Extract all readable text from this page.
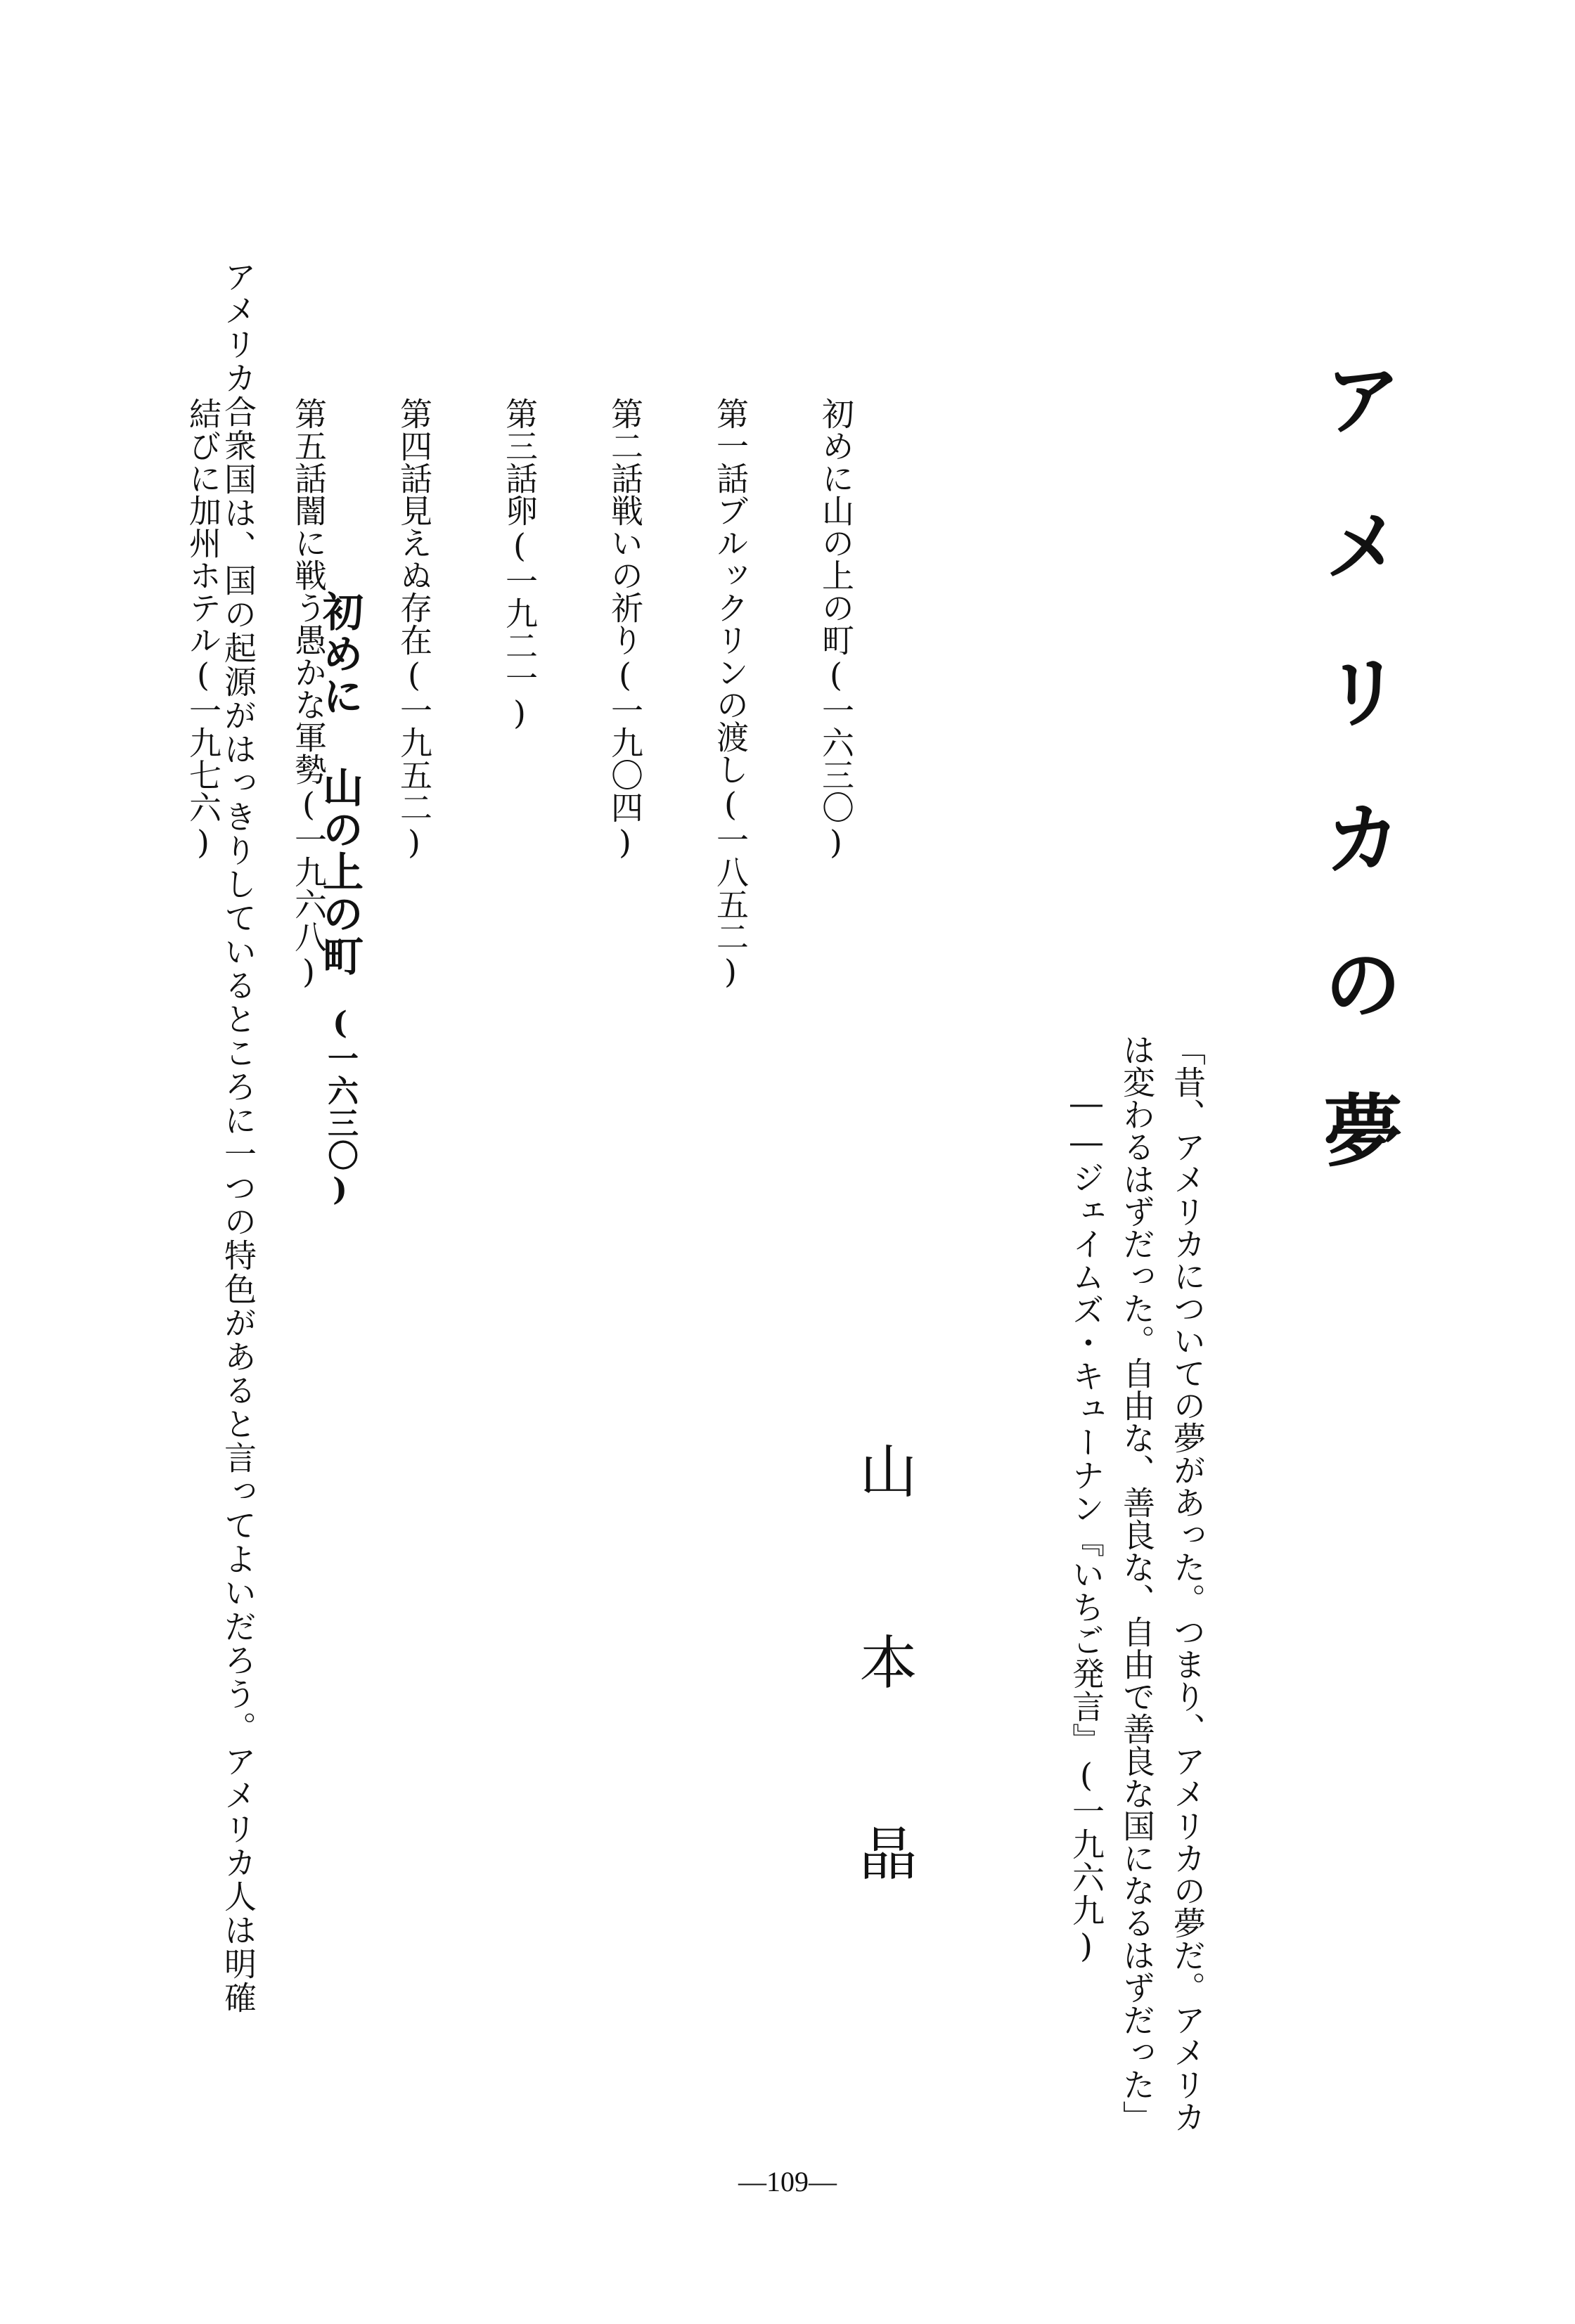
アメリカの夢
「昔、アメリカについての夢があった。つまり、アメリカの夢だ。アメリカ
は変わるはずだった。自由な、善良な、自由で善良な国になるはずだった」
――ジェイムズ・キューナン『いちご発言』(一九六九)
山本晶
初めに山の上の町(一六三〇)
第一話ブルックリンの渡し(一八五二)
第二話戦いの祈り(一九〇四)
第三話卵(一九二一)
第四話見えぬ存在(一九五二)
第五話闇に戦う愚かな軍勢(一九六八)
結びに加州ホテル(一九七六) 初めに 山の上の町(一六三〇)

アメリカ合衆国は、国の起源がはっきりしているところに一つの特色があると言ってよいだろう。アメリカ人は明確

―109―
